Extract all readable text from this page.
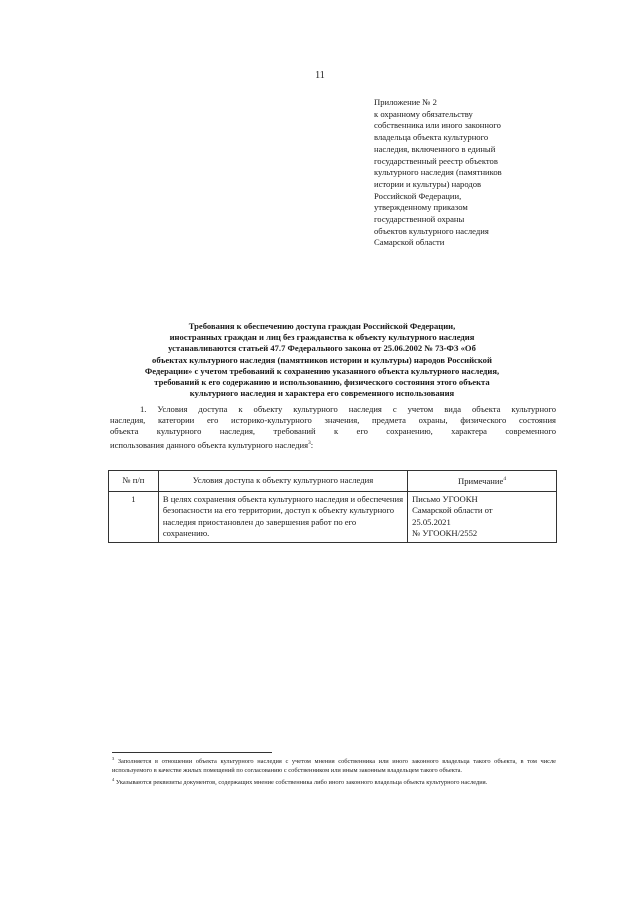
11
Приложение № 2
к охранному обязательству
собственника или иного законного
владельца объекта культурного
наследия, включенного в единый
государственный реестр объектов
культурного наследия (памятников
истории и культуры) народов
Российской Федерации,
утвержденному приказом
государственной охраны
объектов культурного наследия
Самарской области
Требования к обеспечению доступа граждан Российской Федерации,
иностранных граждан и лиц без гражданства к объекту культурного наследия
устанавливаются статьей 47.7 Федерального закона от 25.06.2002 № 73-ФЗ «Об
объектах культурного наследия (памятников истории и культуры) народов Российской
Федерации» с учетом требований к сохранению указанного объекта культурного наследия,
требований к его содержанию и использованию, физического состояния этого объекта
культурного наследия и характера его современного использования
1. Условия доступа к объекту культурного наследия с учетом вида объекта культурного
наследия, категории его историко-культурного значения, предмета охраны, физического состояния
объекта культурного наследия, требований к его сохранению, характера современного
использования данного объекта культурного наследия$^3$:
№ п/п	Условия доступа к объекту культурного наследия	Примечание$^4$
1	В целях сохранения объекта культурного наследия и обеспечения безопасности на его территории, доступ к объекту культурного наследия приостановлен до завершения работ по его сохранению.	Письмо УГООКН
Самарской области от
25.05.2021
№ УГООКН/2552
$^3$ Заполняется в отношении объекта культурного наследия с учетом мнения собственника или иного законного владельца такого объекта, в том числе используемого в качестве жилых помещений по согласованию с собственником или иным законным владельцем такого объекта.
$^4$ Указываются реквизиты документов, содержащих мнение собственника либо иного законного владельца объекта культурного наследия.
